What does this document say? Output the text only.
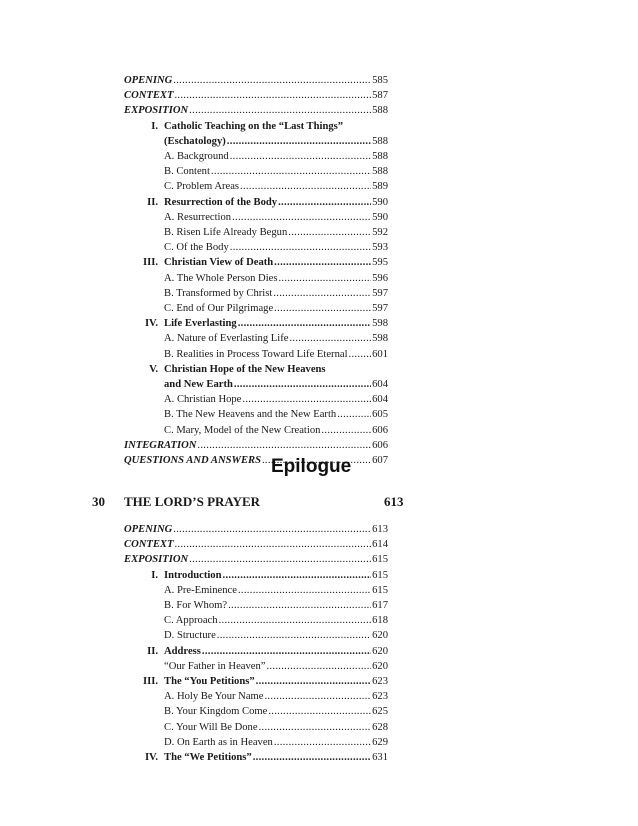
OPENING .....	585
CONTEXT .....	587
EXPOSITION .....	588
I. Catholic Teaching on the “Last Things”
(Eschatology) .....	588
A. Background .....	588
B. Content .....	588
C. Problem Areas .....	589
II. Resurrection of the Body .....	590
A. Resurrection .....	590
B. Risen Life Already Begun .....	592
C. Of the Body .....	593
III. Christian View of Death .....	595
A. The Whole Person Dies .....	596
B. Transformed by Christ .....	597
C. End of Our Pilgrimage .....	597
IV. Life Everlasting .....	598
A. Nature of Everlasting Life .....	598
B. Realities in Process Toward Life Eternal ..... 601
V. Christian Hope of the New Heavens
and New Earth .....	604
A. Christian Hope .....	604
B. The New Heavens and the New Earth .....	605
C. Mary, Model of the New Creation .....	606
INTEGRATION .....	606
QUESTIONS AND ANSWERS .....	607
Epilogue
30 THE LORD’S PRAYER	613
OPENING .....	613
CONTEXT .....	614
EXPOSITION .....	615
I. Introduction .....	615
A. Pre-Eminence .....	615
B. For Whom? .....	617
C. Approach .....	618
D. Structure .....	620
II. Address .....	620
“Our Father in Heaven” .....	620
III. The “You Petitions” .....	623
A. Holy Be Your Name .....	623
B. Your Kingdom Come .....	625
C. Your Will Be Done .....	628
D. On Earth as in Heaven .....	629
IV. The “We Petitions” .....	631
